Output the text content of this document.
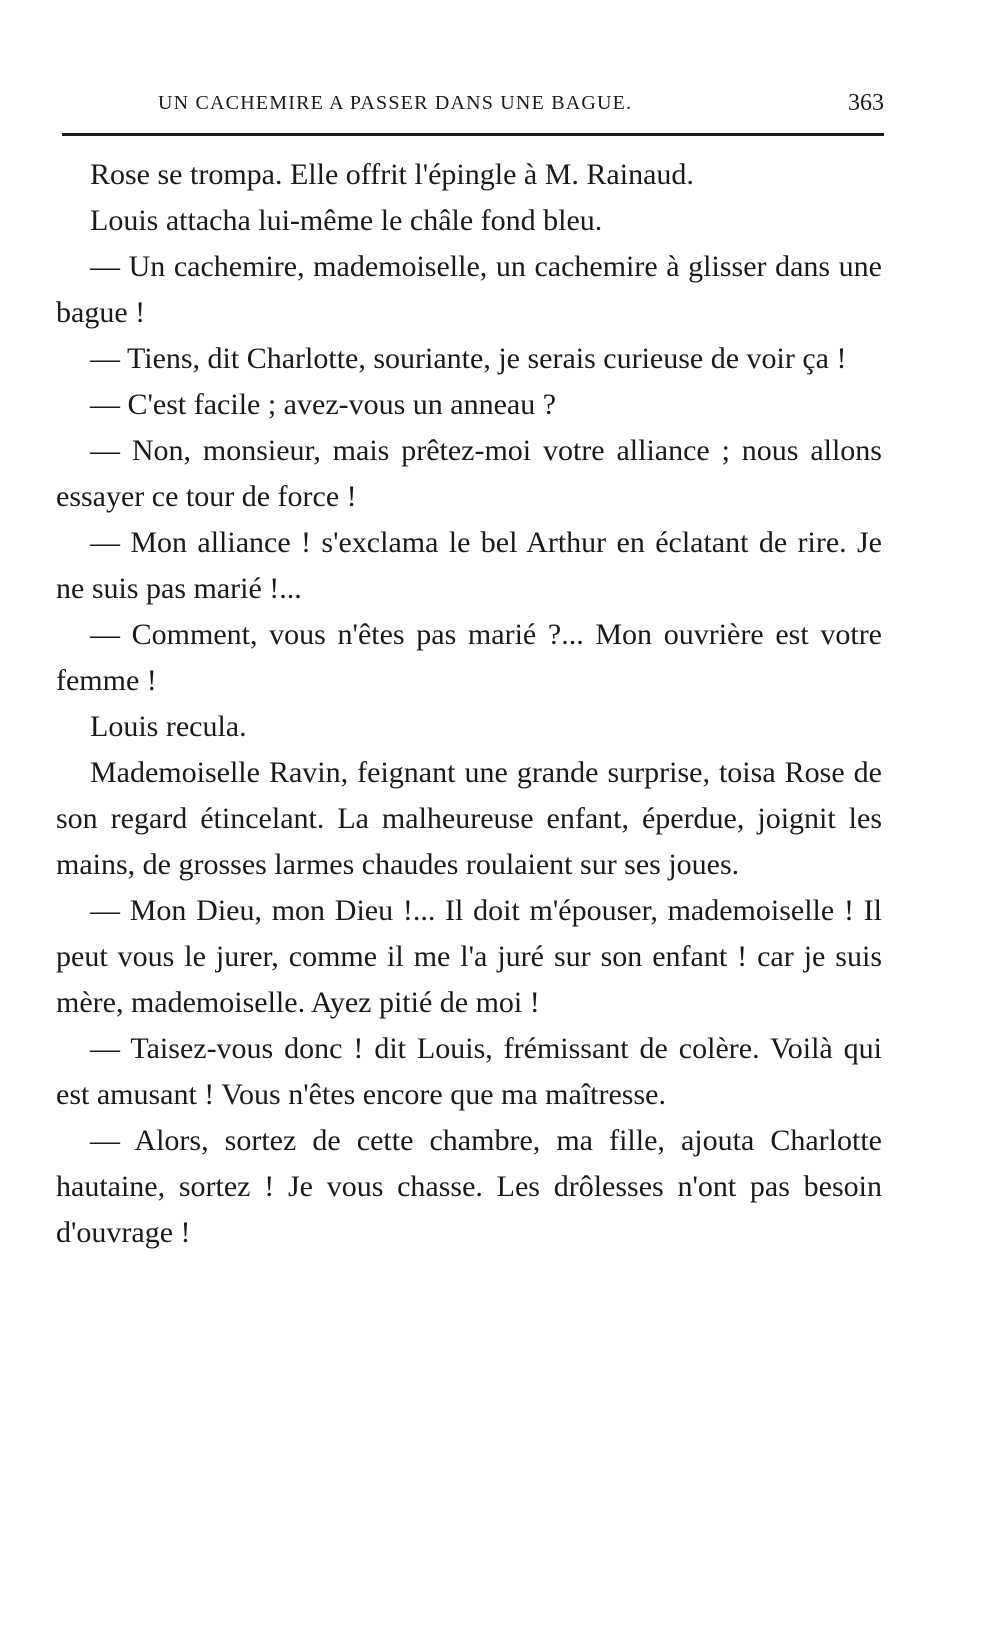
UN CACHEMIRE A PASSER DANS UNE BAGUE.	363

Rose se trompa. Elle offrit l'épingle à M. Rainaud.

Louis attacha lui-même le châle fond bleu.

— Un cachemire, mademoiselle, un cachemire à glisser dans une bague !

— Tiens, dit Charlotte, souriante, je serais curieuse de voir ça !

— C'est facile ; avez-vous un anneau ?

— Non, monsieur, mais prêtez-moi votre alliance ; nous allons essayer ce tour de force !

— Mon alliance ! s'exclama le bel Arthur en éclatant de rire. Je ne suis pas marié !...

— Comment, vous n'êtes pas marié ?... Mon ouvrière est votre femme !

Louis recula.

Mademoiselle Ravin, feignant une grande surprise, toisa Rose de son regard étincelant. La malheureuse enfant, éperdue, joignit les mains, de grosses larmes chaudes roulaient sur ses joues.

— Mon Dieu, mon Dieu !... Il doit m'épouser, mademoiselle ! Il peut vous le jurer, comme il me l'a juré sur son enfant ! car je suis mère, mademoiselle. Ayez pitié de moi !

— Taisez-vous donc ! dit Louis, frémissant de colère. Voilà qui est amusant ! Vous n'êtes encore que ma maîtresse.

— Alors, sortez de cette chambre, ma fille, ajouta Charlotte hautaine, sortez ! Je vous chasse. Les drôlesses n'ont pas besoin d'ouvrage !
